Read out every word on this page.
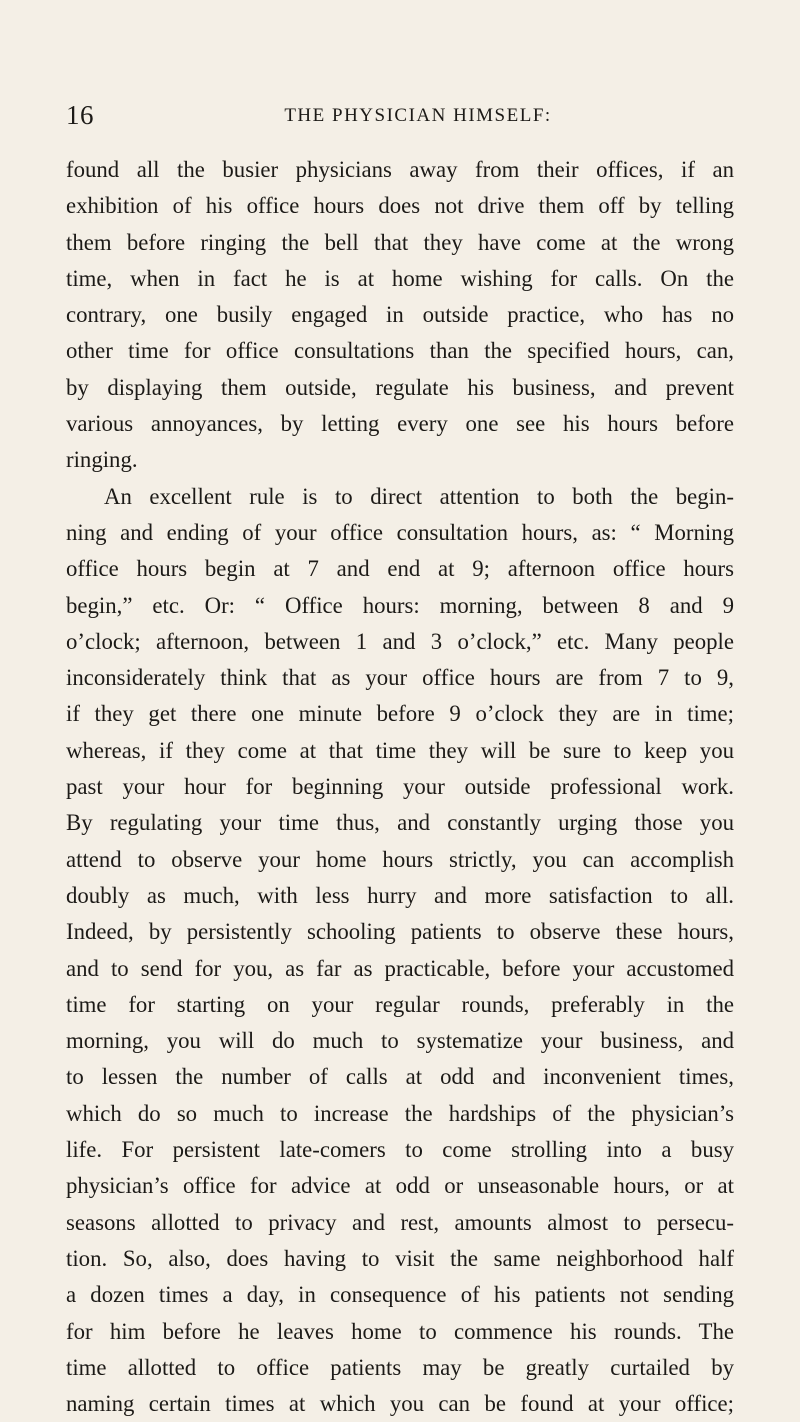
16	THE PHYSICIAN HIMSELF:
found all the busier physicians away from their offices, if an
exhibition of his office hours does not drive them off by telling
them before ringing the bell that they have come at the wrong
time, when in fact he is at home wishing for calls. On the
contrary, one busily engaged in outside practice, who has no
other time for office consultations than the specified hours, can,
by displaying them outside, regulate his business, and prevent
various annoyances, by letting every one see his hours before
ringing.
An excellent rule is to direct attention to both the begin-
ning and ending of your office consultation hours, as: “ Morning
office hours begin at 7 and end at 9; afternoon office hours
begin,” etc. Or: “ Office hours: morning, between 8 and 9
o’clock; afternoon, between 1 and 3 o’clock,” etc. Many people
inconsiderately think that as your office hours are from 7 to 9,
if they get there one minute before 9 o’clock they are in time;
whereas, if they come at that time they will be sure to keep you
past your hour for beginning your outside professional work.
By regulating your time thus, and constantly urging those you
attend to observe your home hours strictly, you can accomplish
doubly as much, with less hurry and more satisfaction to all.
Indeed, by persistently schooling patients to observe these hours,
and to send for you, as far as practicable, before your accustomed
time for starting on your regular rounds, preferably in the
morning, you will do much to systematize your business, and
to lessen the number of calls at odd and inconvenient times,
which do so much to increase the hardships of the physician’s
life. For persistent late-comers to come strolling into a busy
physician’s office for advice at odd or unseasonable hours, or at
seasons allotted to privacy and rest, amounts almost to persecu-
tion. So, also, does having to visit the same neighborhood half
a dozen times a day, in consequence of his patients not sending
for him before he leaves home to commence his rounds. The
time allotted to office patients may be greatly curtailed by
naming certain times at which you can be found at your office;
